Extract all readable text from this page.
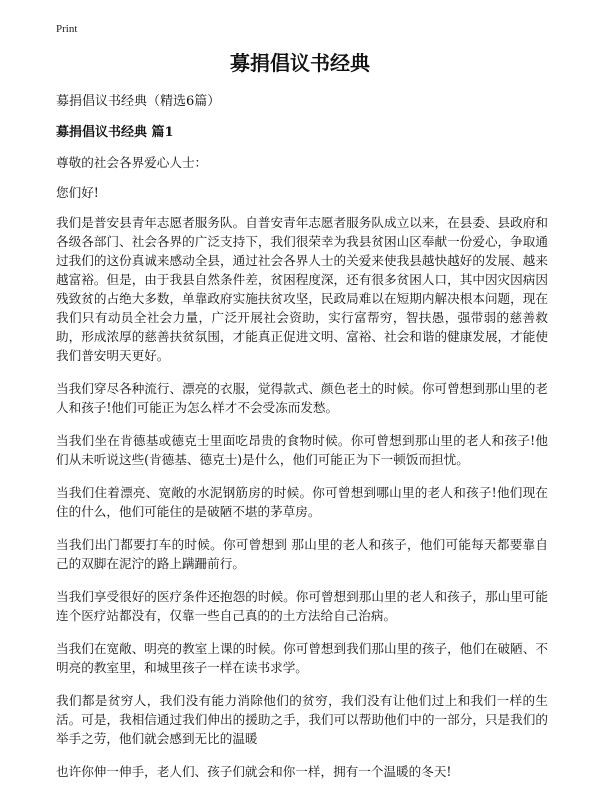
Print
募捐倡议书经典

募捐倡议书经典（精选6篇）

募捐倡议书经典 篇1

尊敬的社会各界爱心人士：

您们好!

我们是普安县青年志愿者服务队。自普安青年志愿者服务队成立以来，在县委、县政府和各级各部门、社会各界的广泛支持下，我们很荣幸为我县贫困山区奉献一份爱心，争取通过我们的这份真诚来感动全县，通过社会各界人士的关爱来使我县越快越好的发展、越来越富裕。但是，由于我县自然条件差，贫困程度深，还有很多贫困人口，其中因灾因病因残致贫的占绝大多数，单靠政府实施扶贫攻坚，民政局难以在短期内解决根本问题，现在我们只有动员全社会力量，广泛开展社会资助，实行富帮穷，智扶愚，强带弱的慈善救助，形成浓厚的慈善扶贫氛围，才能真正促进文明、富裕、社会和谐的健康发展，才能使我们普安明天更好。

当我们穿尽各种流行、漂亮的衣服，觉得款式、颜色老土的时候。你可曾想到那山里的老人和孩子!他们可能正为怎么样才不会受冻而发愁。

当我们坐在肯德基或德克士里面吃昂贵的食物时候。你可曾想到那山里的老人和孩子!他们从未听说这些(肯德基、德克士)是什么，他们可能正为下一顿饭而担忧。

当我们住着漂亮、宽敞的水泥钢筋房的时候。你可曾想到哪山里的老人和孩子!他们现在住的什么，他们可能住的是破陋不堪的茅草房。

当我们出门都要打车的时候。你可曾想到 那山里的老人和孩子，他们可能每天都要靠自己的双脚在泥泞的路上蹒跚前行。

当我们享受很好的医疗条件还抱怨的时候。你可曾想到那山里的老人和孩子，那山里可能连个医疗站都没有，仅靠一些自己真的的土方法给自己治病。

当我们在宽敞、明亮的教室上课的时候。你可曾想到我们那山里的孩子，他们在破陋、不明亮的教室里，和城里孩子一样在读书求学。

我们都是贫穷人，我们没有能力消除他们的贫穷，我们没有让他们过上和我们一样的生活。可是，我相信通过我们伸出的援助之手，我们可以帮助他们中的一部分，只是我们的举手之劳，他们就会感到无比的温暖

也许你伸一伸手，老人们、孩子们就会和你一样，拥有一个温暖的冬天!
